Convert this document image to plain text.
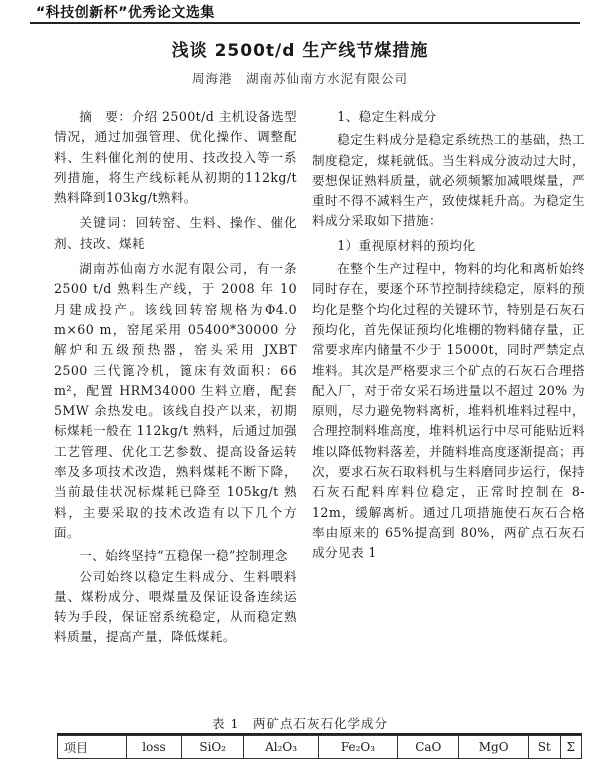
“科技创新杯”优秀论文选集
浅谈 2500t/d 生产线节煤措施
周海港　湖南苏仙南方水泥有限公司

摘　要：介绍 2500t/d 主机设备选型情况，通过加强管理、优化操作、调整配料、生料催化剂的使用、技改投入等一系列措施，将生产线标耗从初期的112kg/t熟料降到103kg/t熟料。

关键词：回转窑、生料、操作、催化剂、技改、煤耗

湖南苏仙南方水泥有限公司，有一条 2500 t/d 熟料生产线，于 2008 年 10 月建成投产。该线回转窑规格为Φ4.0 m×60 m，窑尾采用 05400*30000 分解炉和五级预热器，窑头采用 JXBT 2500 三代篦冷机，篦床有效面积：66 m²，配置 HRM34000 生料立磨，配套 5MW 余热发电。该线自投产以来，初期标煤耗一般在 112kg/t 熟料，后通过加强工艺管理、优化工艺参数、提高设备运转率及多项技术改造，熟料煤耗不断下降，当前最佳状况标煤耗已降至 105kg/t 熟料，主要采取的技术改造有以下几个方面。

一、始终坚持“五稳保一稳”控制理念

公司始终以稳定生料成分、生料喂料量、煤粉成分、喂煤量及保证设备连续运转为手段，保证窑系统稳定，从而稳定熟料质量，提高产量，降低煤耗。

1、稳定生料成分

稳定生料成分是稳定系统热工的基础，热工制度稳定，煤耗就低。当生料成分波动过大时，要想保证熟料质量，就必须频繁加减喂煤量，严重时不得不减料生产，致使煤耗升高。为稳定生料成分采取如下措施：

1）重视原材料的预均化

在整个生产过程中，物料的均化和离析始终同时存在，要逐个环节控制持续稳定，原料的预均化是整个均化过程的关键环节，特别是石灰石预均化，首先保证预均化堆棚的物料储存量，正常要求库内储量不少于 15000t，同时严禁定点堆料。其次是严格要求三个矿点的石灰石合理搭配入厂，对于帝女采石场进量以不超过 20% 为原则，尽力避免物料离析，堆料机堆料过程中，合理控制料堆高度，堆料机运行中尽可能贴近料堆以降低物料落差，并随料堆高度逐渐提高；再次，要求石灰石取料机与生料磨同步运行，保持石灰石配料库料位稳定，正常时控制在 8-12m，缓解离析。通过几项措施使石灰石合格率由原来的 65%提高到 80%，两矿点石灰石成分见表 1

表 1　两矿点石灰石化学成分
项目	loss	SiO₂	Al₂O₃	Fe₂O₃	CaO	MgO	St	Σ
